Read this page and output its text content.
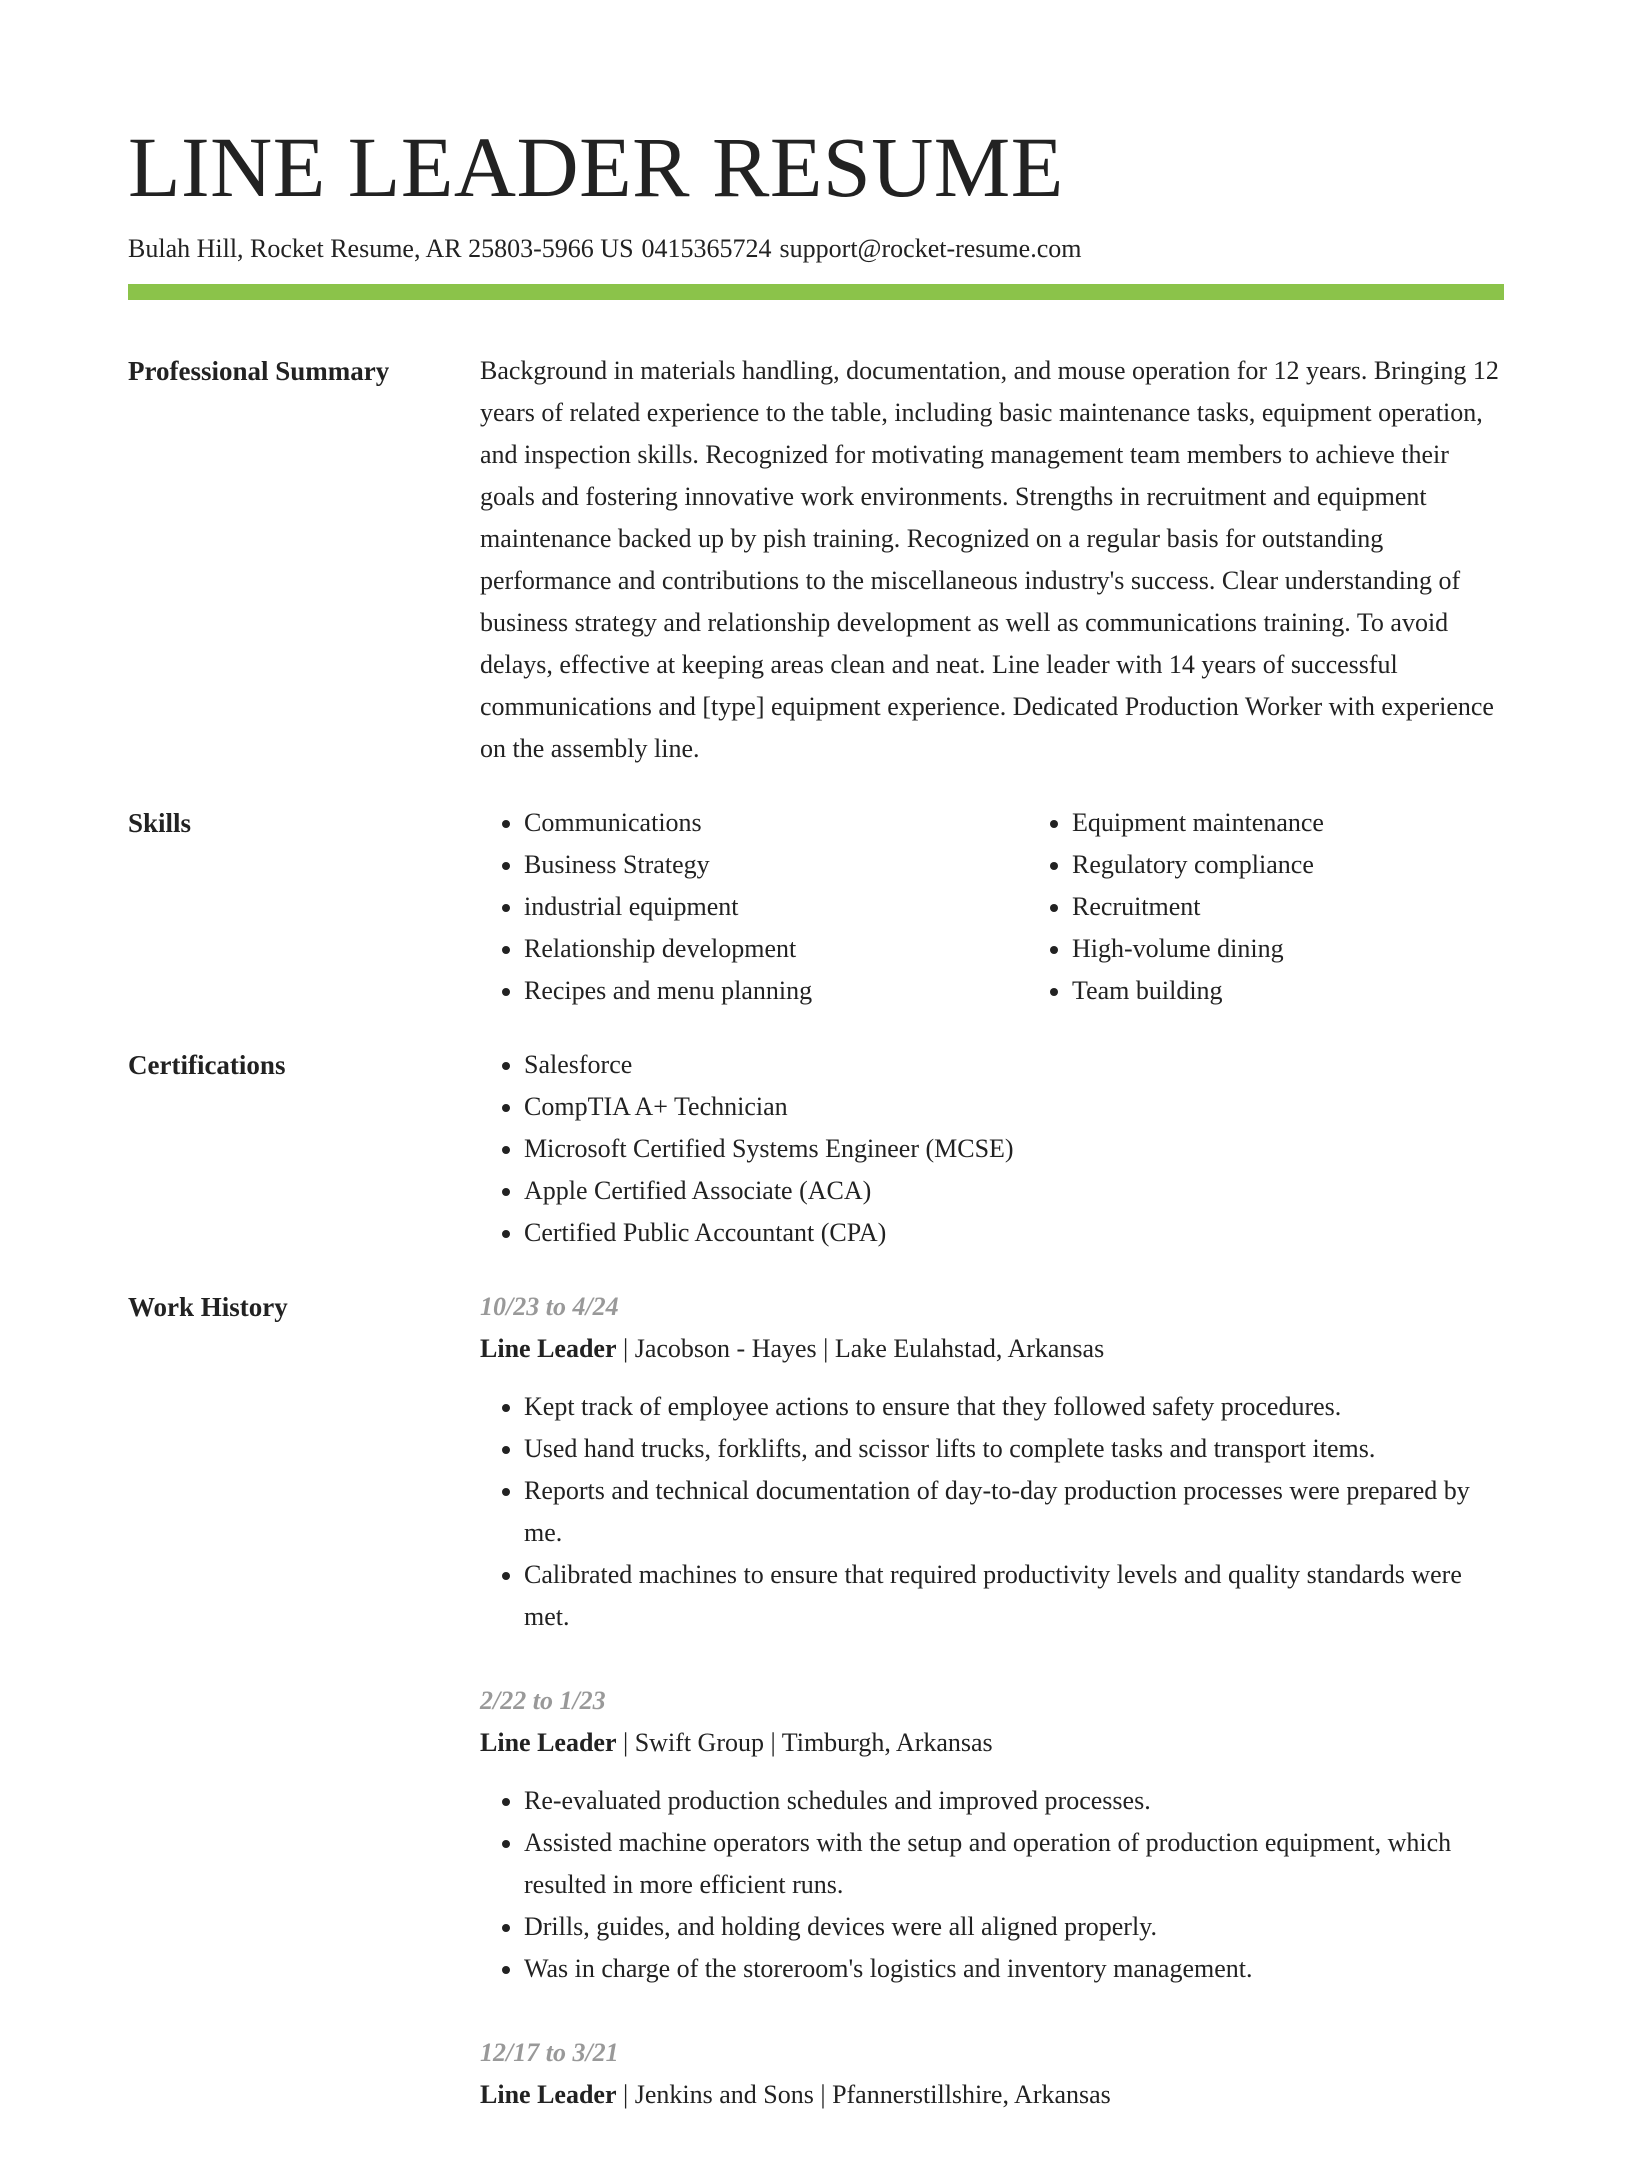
LINE LEADER RESUME
Bulah Hill, Rocket Resume, AR 25803-5966 US 0415365724 support@rocket-resume.com
Professional Summary	Background in materials handling, documentation, and mouse operation for 12 years. Bringing 12 years of related experience to the table, including basic maintenance tasks, equipment operation, and inspection skills. Recognized for motivating management team members to achieve their goals and fostering innovative work environments. Strengths in recruitment and equipment maintenance backed up by pish training. Recognized on a regular basis for outstanding performance and contributions to the miscellaneous industry's success. Clear understanding of business strategy and relationship development as well as communications training. To avoid delays, effective at keeping areas clean and neat. Line leader with 14 years of successful communications and [type] equipment experience. Dedicated Production Worker with experience on the assembly line.

Skills	• Communications
• Business Strategy
• industrial equipment
• Relationship development
• Recipes and menu planning
• Equipment maintenance
• Regulatory compliance
• Recruitment
• High-volume dining
• Team building
Certifications	• Salesforce
• CompTIA A+ Technician
• Microsoft Certified Systems Engineer (MCSE)
• Apple Certified Associate (ACA)
• Certified Public Accountant (CPA)
Work History	10/23 to 4/24
Line Leader | Jacobson - Hayes | Lake Eulahstad, Arkansas
• Kept track of employee actions to ensure that they followed safety procedures.
• Used hand trucks, forklifts, and scissor lifts to complete tasks and transport items.
• Reports and technical documentation of day-to-day production processes were prepared by me.
• Calibrated machines to ensure that required productivity levels and quality standards were met.
2/22 to 1/23
Line Leader | Swift Group | Timburgh, Arkansas
• Re-evaluated production schedules and improved processes.
• Assisted machine operators with the setup and operation of production equipment, which resulted in more efficient runs.
• Drills, guides, and holding devices were all aligned properly.
• Was in charge of the storeroom's logistics and inventory management.
12/17 to 3/21
Line Leader | Jenkins and Sons | Pfannerstillshire, Arkansas
